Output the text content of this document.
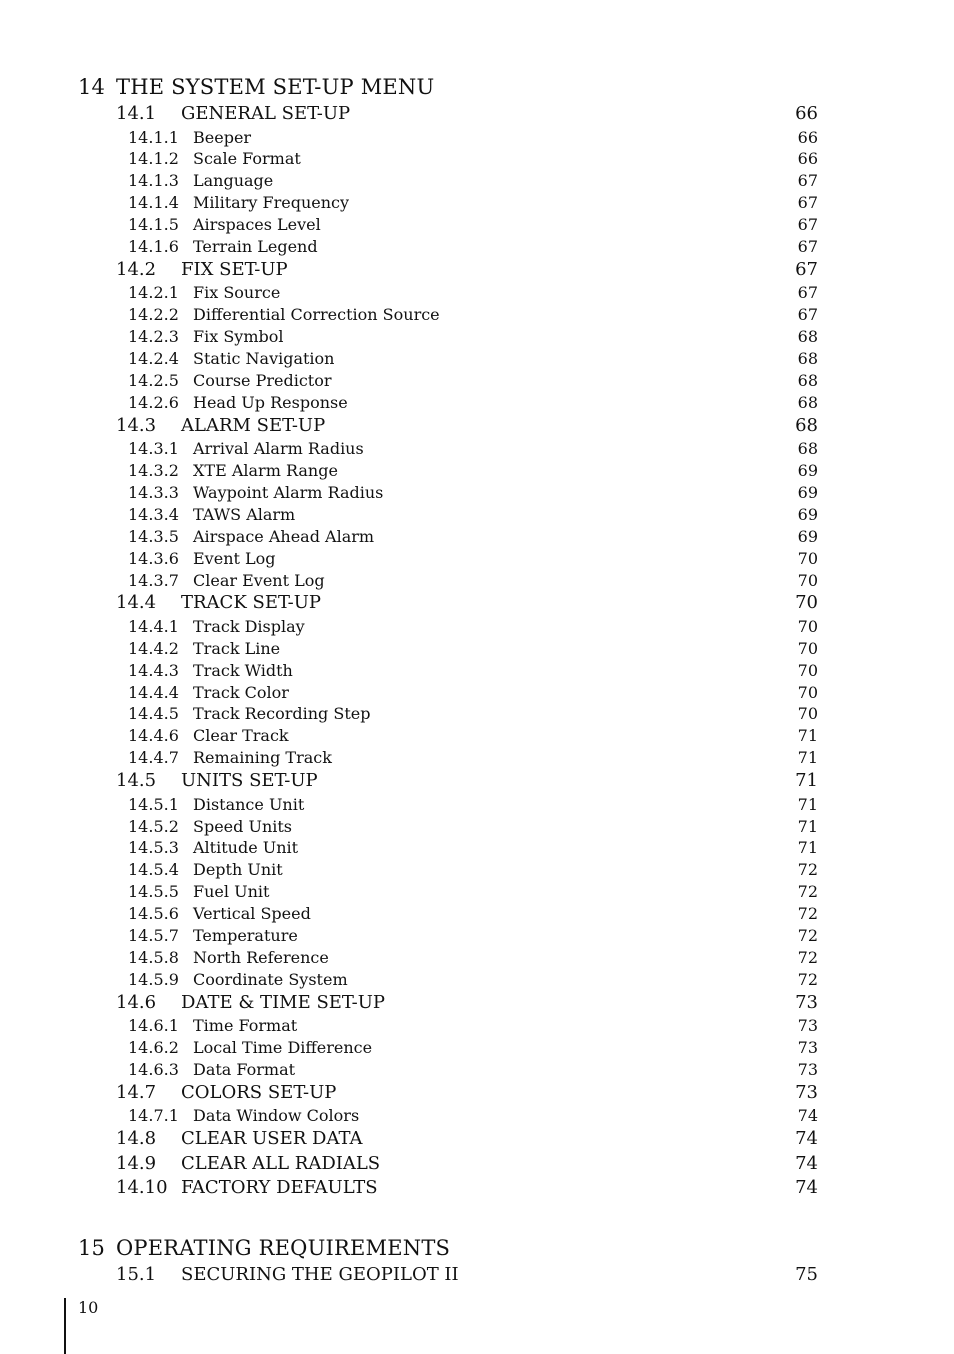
14 THE SYSTEM SET-UP MENU
14.1 GENERAL SET-UP	66
14.1.1 Beeper	66
14.1.2 Scale Format	66
14.1.3 Language	67
14.1.4 Military Frequency	67
14.1.5 Airspaces Level	67
14.1.6 Terrain Legend	67
14.2 FIX SET-UP	67
14.2.1 Fix Source	67
14.2.2 Differential Correction Source	67
14.2.3 Fix Symbol	68
14.2.4 Static Navigation	68
14.2.5 Course Predictor	68
14.2.6 Head Up Response	68
14.3 ALARM SET-UP	68
14.3.1 Arrival Alarm Radius	68
14.3.2 XTE Alarm Range	69
14.3.3 Waypoint Alarm Radius	69
14.3.4 TAWS Alarm	69
14.3.5 Airspace Ahead Alarm	69
14.3.6 Event Log	70
14.3.7 Clear Event Log	70
14.4 TRACK SET-UP	70
14.4.1 Track Display	70
14.4.2 Track Line	70
14.4.3 Track Width	70
14.4.4 Track Color	70
14.4.5 Track Recording Step	70
14.4.6 Clear Track	71
14.4.7 Remaining Track	71
14.5 UNITS SET-UP	71
14.5.1 Distance Unit	71
14.5.2 Speed Units	71
14.5.3 Altitude Unit	71
14.5.4 Depth Unit	72
14.5.5 Fuel Unit	72
14.5.6 Vertical Speed	72
14.5.7 Temperature	72
14.5.8 North Reference	72
14.5.9 Coordinate System	72
14.6 DATE & TIME SET-UP	73
14.6.1 Time Format	73
14.6.2 Local Time Difference	73
14.6.3 Data Format	73
14.7 COLORS SET-UP	73
14.7.1 Data Window Colors	74
14.8 CLEAR USER DATA	74
14.9 CLEAR ALL RADIALS	74
14.10 FACTORY DEFAULTS	74
15 OPERATING REQUIREMENTS
15.1 SECURING THE GEOPILOT II	75
10
